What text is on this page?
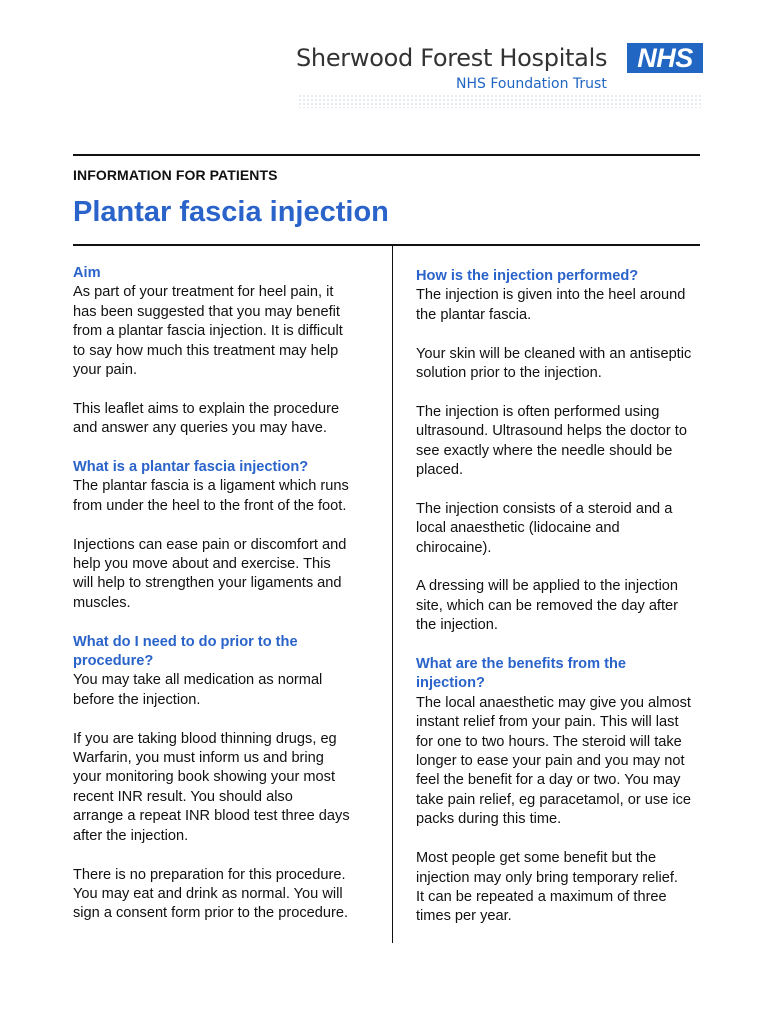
Sherwood Forest Hospitals	NHS
NHS Foundation Trust
INFORMATION FOR PATIENTS
Plantar fascia injection
Aim

As part of your treatment for heel pain, it
has been suggested that you may benefit
from a plantar fascia injection. It is difficult
to say how much this treatment may help
your pain.

This leaflet aims to explain the procedure
and answer any queries you may have.

What is a plantar fascia injection?

The plantar fascia is a ligament which runs
from under the heel to the front of the foot.

Injections can ease pain or discomfort and
help you move about and exercise. This
will help to strengthen your ligaments and
muscles.

What do I need to do prior to the
procedure?

You may take all medication as normal
before the injection.

If you are taking blood thinning drugs, eg
Warfarin, you must inform us and bring
your monitoring book showing your most
recent INR result. You should also
arrange a repeat INR blood test three days
after the injection.

There is no preparation for this procedure.
You may eat and drink as normal. You will
sign a consent form prior to the procedure.

How is the injection performed?

The injection is given into the heel around
the plantar fascia.

Your skin will be cleaned with an antiseptic
solution prior to the injection.

The injection is often performed using
ultrasound. Ultrasound helps the doctor to
see exactly where the needle should be
placed.

The injection consists of a steroid and a
local anaesthetic (lidocaine and
chirocaine).

A dressing will be applied to the injection
site, which can be removed the day after
the injection.

What are the benefits from the
injection?

The local anaesthetic may give you almost
instant relief from your pain. This will last
for one to two hours. The steroid will take
longer to ease your pain and you may not
feel the benefit for a day or two. You may
take pain relief, eg paracetamol, or use ice
packs during this time.

Most people get some benefit but the
injection may only bring temporary relief.
It can be repeated a maximum of three
times per year.
